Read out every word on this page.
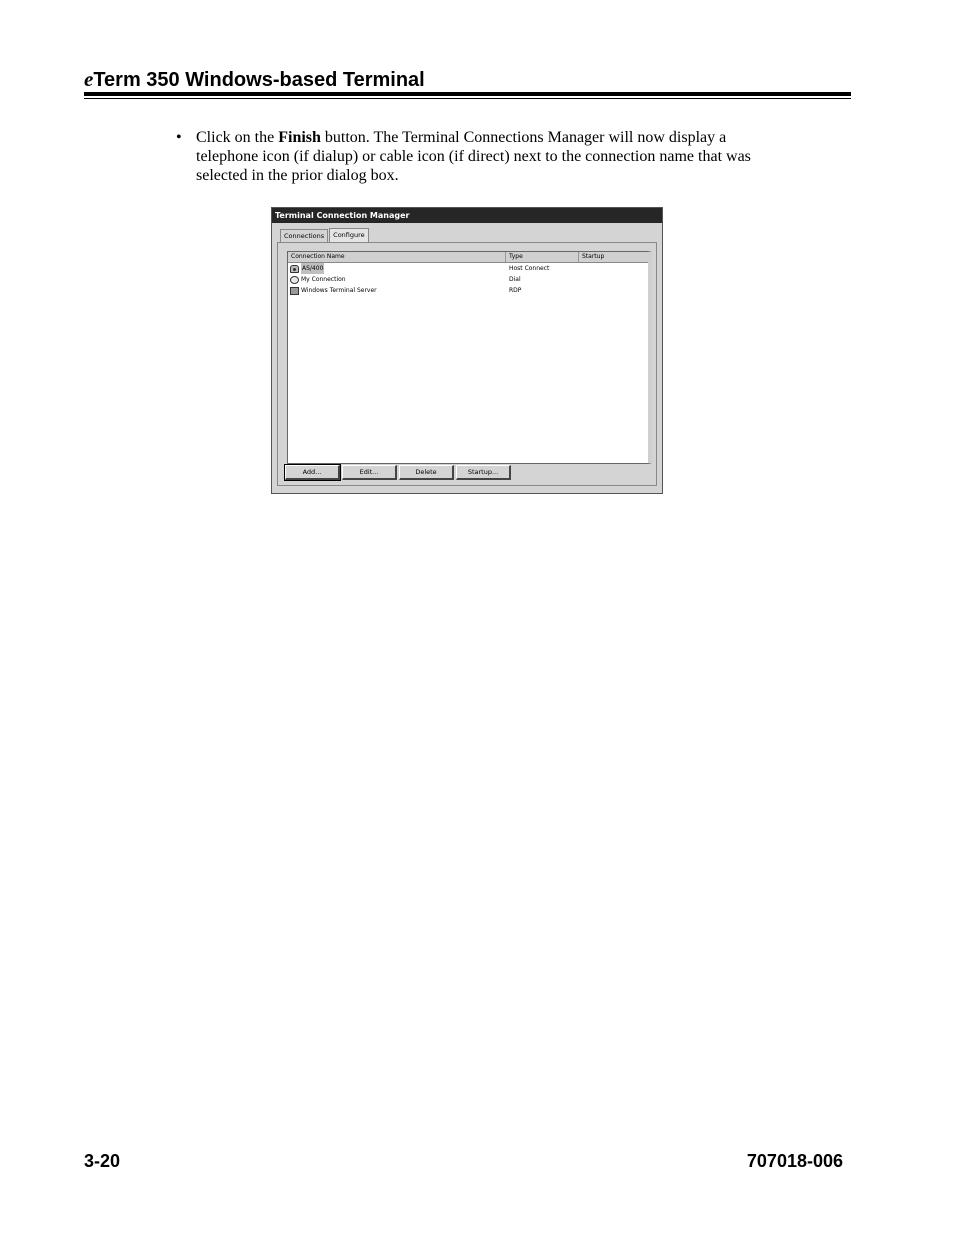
eTerm 350 Windows-based Terminal
• Click on the Finish button. The Terminal Connections Manager will now display a telephone icon (if dialup) or cable icon (if direct) next to the connection name that was selected in the prior dialog box.
Terminal Connection Manager
Connections	Configure
Connection Name	Type	Startup
AS/400	Host Connect
My Connection	Dial
Windows Terminal Server	RDP
Add...	Edit...	Delete	Startup...
3-20	707018-006
